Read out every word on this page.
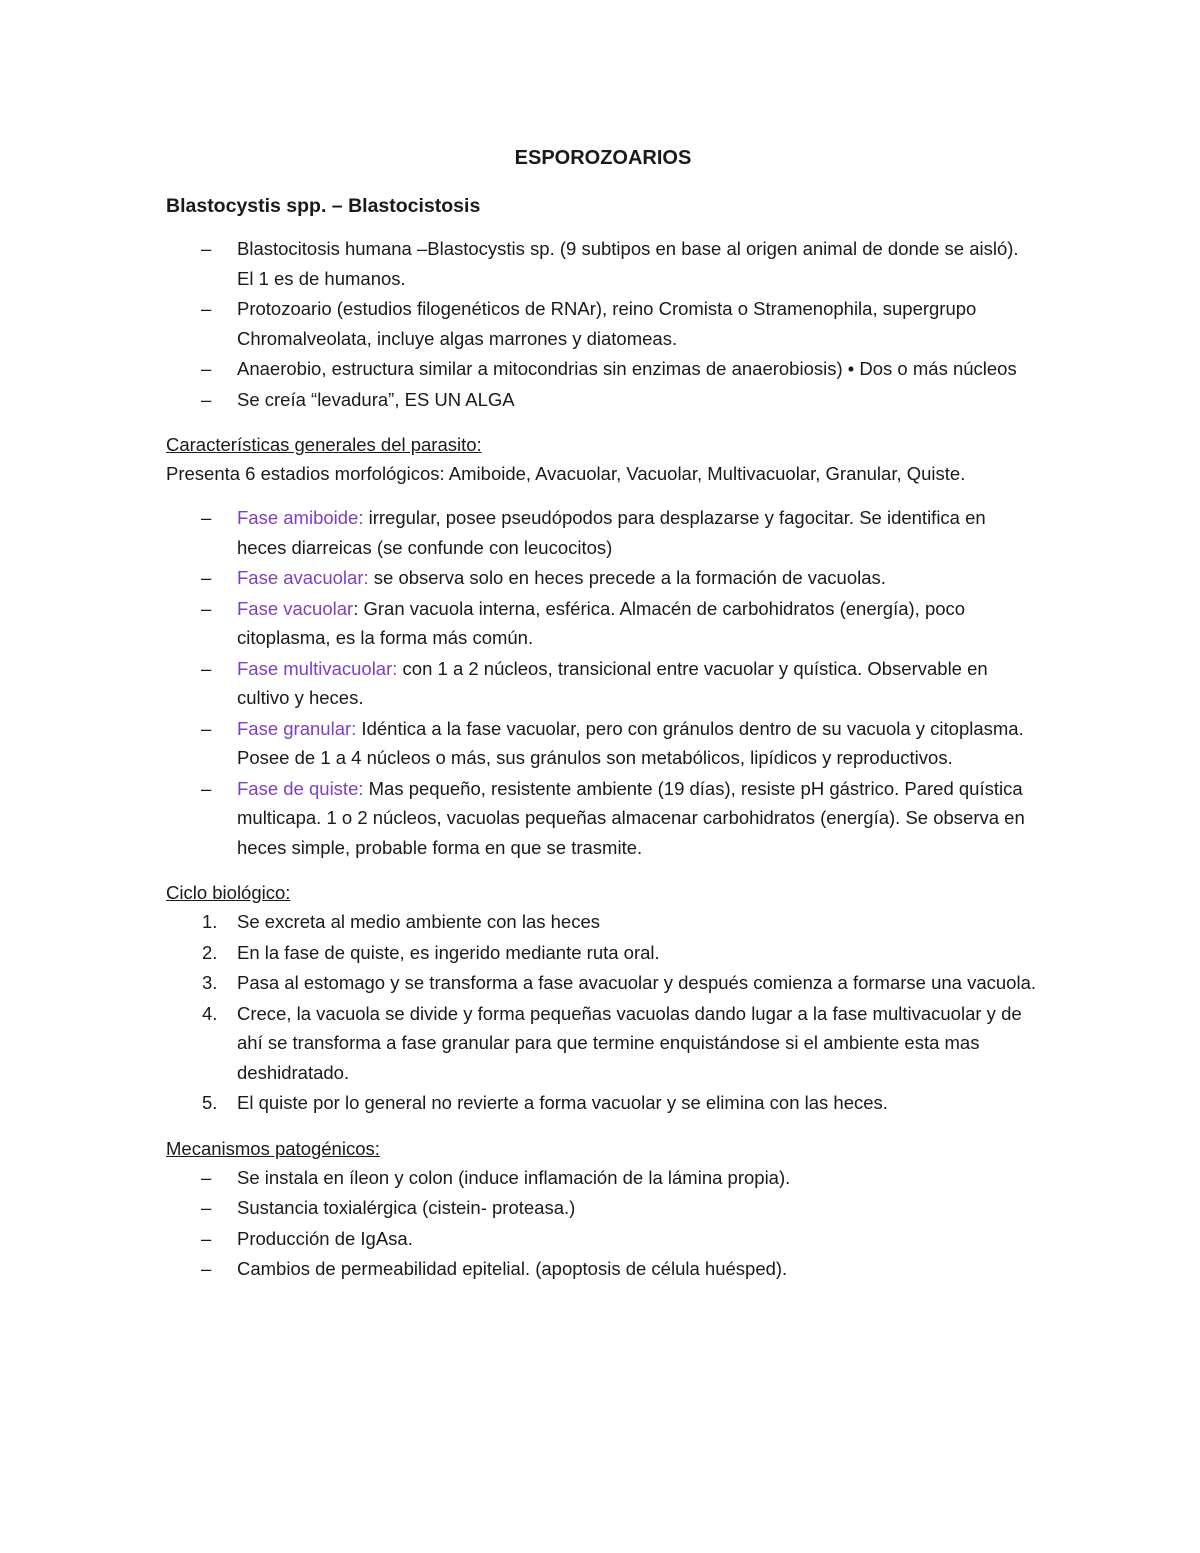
ESPOROZOARIOS
Blastocystis spp. – Blastocistosis
– Blastocitosis humana –Blastocystis sp. (9 subtipos en base al origen animal de donde se aisló). El 1 es de humanos.
– Protozoario (estudios filogenéticos de RNAr), reino Cromista o Stramenophila, supergrupo Chromalveolata, incluye algas marrones y diatomeas.
– Anaerobio, estructura similar a mitocondrias sin enzimas de anaerobiosis) • Dos o más núcleos
– Se creía “levadura”, ES UN ALGA

Características generales del parasito:

Presenta 6 estadios morfológicos: Amiboide, Avacuolar, Vacuolar, Multivacuolar, Granular, Quiste.

– Fase amiboide: irregular, posee pseudópodos para desplazarse y fagocitar. Se identifica en heces diarreicas (se confunde con leucocitos)
– Fase avacuolar: se observa solo en heces precede a la formación de vacuolas.
– Fase vacuolar: Gran vacuola interna, esférica. Almacén de carbohidratos (energía), poco citoplasma, es la forma más común.
– Fase multivacuolar: con 1 a 2 núcleos, transicional entre vacuolar y quística. Observable en cultivo y heces.
– Fase granular: Idéntica a la fase vacuolar, pero con gránulos dentro de su vacuola y citoplasma. Posee de 1 a 4 núcleos o más, sus gránulos son metabólicos, lipídicos y reproductivos.
– Fase de quiste: Mas pequeño, resistente ambiente (19 días), resiste pH gástrico. Pared quística multicapa. 1 o 2 núcleos, vacuolas pequeñas almacenar carbohidratos (energía). Se observa en heces simple, probable forma en que se trasmite.

Ciclo biológico:

1. Se excreta al medio ambiente con las heces
2. En la fase de quiste, es ingerido mediante ruta oral.
3. Pasa al estomago y se transforma a fase avacuolar y después comienza a formarse una vacuola.
4. Crece, la vacuola se divide y forma pequeñas vacuolas dando lugar a la fase multivacuolar y de ahí se transforma a fase granular para que termine enquistándose si el ambiente esta mas deshidratado.
5. El quiste por lo general no revierte a forma vacuolar y se elimina con las heces.

Mecanismos patogénicos:

– Se instala en íleon y colon (induce inflamación de la lámina propia).
– Sustancia toxialérgica (cistein- proteasa.)
– Producción de IgAsa.
– Cambios de permeabilidad epitelial. (apoptosis de célula huésped).
